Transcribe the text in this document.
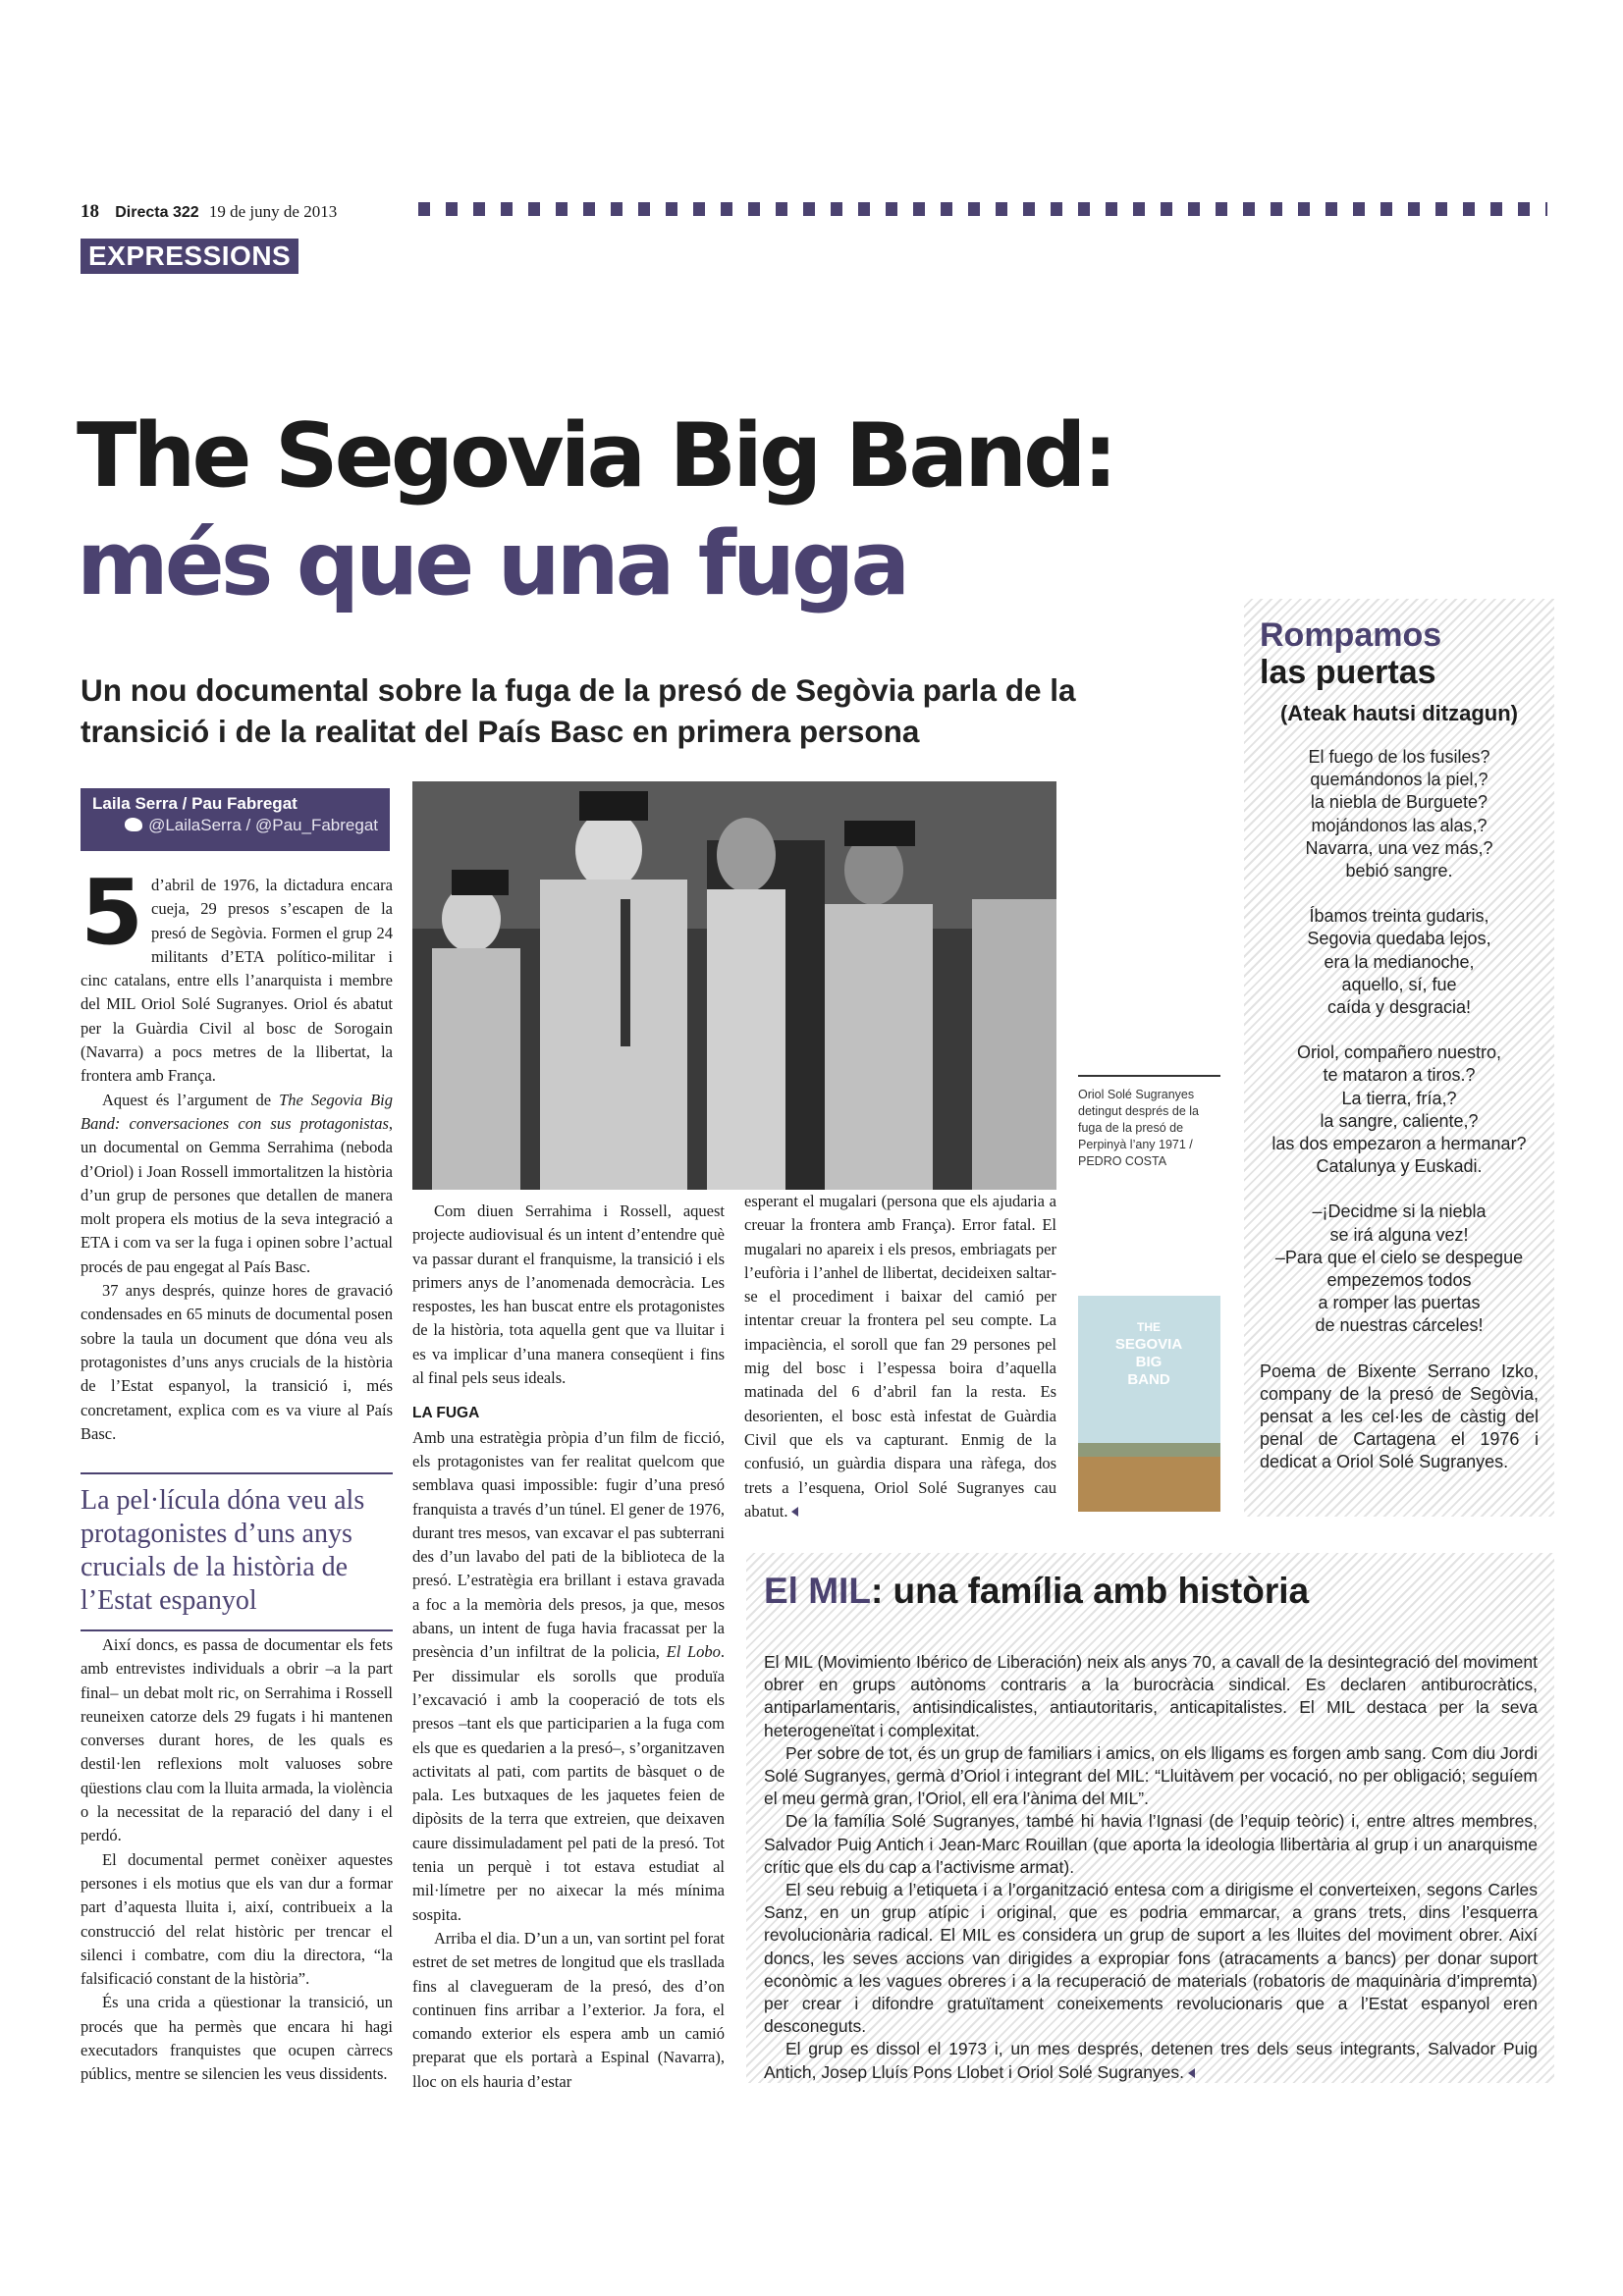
18 Directa 322 19 de juny de 2013
EXPRESSIONS
The Segovia Big Band:
més que una fuga
Un nou documental sobre la fuga de la presó de Segòvia parla de la transició i de la realitat del País Basc en primera persona
Laila Serra / Pau Fabregat
@LailaSerra / @Pau_Fabregat

5 d’abril de 1976, la dictadura encara cueja, 29 presos s’escapen de la presó de Segòvia. Formen el grup 24 militants d’ETA político-militar i cinc catalans, entre ells l’anarquista i membre del MIL Oriol Solé Sugranyes. Oriol és abatut per la Guàrdia Civil al bosc de Sorogain (Navarra) a pocs metres de la llibertat, la frontera amb França.

Aquest és l’argument de The Segovia Big Band: conversaciones con sus protagonistas, un documental on Gemma Serrahima (neboda d’Oriol) i Joan Rossell immortalitzen la història d’un grup de persones que detallen de manera molt propera els motius de la seva integració a ETA i com va ser la fuga i opinen sobre l’actual procés de pau engegat al País Basc.

37 anys després, quinze hores de gravació condensades en 65 minuts de documental posen sobre la taula un document que dóna veu als protagonistes d’uns anys crucials de la història de l’Estat espanyol, la transició i, més concretament, explica com es va viure al País Basc.

La pel·lícula dóna veu als protagonistes d’uns anys crucials de la història de l’Estat espanyol

Així doncs, es passa de documentar els fets amb entrevistes individuals a obrir –a la part final– un debat molt ric, on Serrahima i Rossell reuneixen catorze dels 29 fugats i hi mantenen converses durant hores, de les quals es destil·len reflexions molt valuoses sobre qüestions clau com la lluita armada, la violència o la necessitat de la reparació del dany i el perdó.

El documental permet conèixer aquestes persones i els motius que els van dur a formar part d’aquesta lluita i, així, contribueix a la construcció del relat històric per trencar el silenci i combatre, com diu la directora, “la falsificació constant de la història”.

És una crida a qüestionar la transició, un procés que ha permès que encara hi hagi executadors franquistes que ocupen càrrecs públics, mentre se silencien les veus dissidents.

Oriol Solé Sugranyes detingut després de la fuga de la presó de Perpinyà l’any 1971 / PEDRO COSTA

Com diuen Serrahima i Rossell, aquest projecte audiovisual és un intent d’entendre què va passar durant el franquisme, la transició i els primers anys de l’anomenada democràcia. Les respostes, les han buscat entre els protagonistes de la història, tota aquella gent que va lluitar i es va implicar d’una manera conseqüent i fins al final pels seus ideals.

LA FUGA

Amb una estratègia pròpia d’un film de ficció, els protagonistes van fer realitat quelcom que semblava quasi impossible: fugir d’una presó franquista a través d’un túnel. El gener de 1976, durant tres mesos, van excavar el pas subterrani des d’un lavabo del pati de la biblioteca de la presó. L’estratègia era brillant i estava gravada a foc a la memòria dels presos, ja que, mesos abans, un intent de fuga havia fracassat per la presència d’un infiltrat de la policia, El Lobo. Per dissimular els sorolls que produïa l’excavació i amb la cooperació de tots els presos –tant els que participarien a la fuga com els que es quedarien a la presó–, s’organitzaven activitats al pati, com partits de bàsquet o de pala. Les butxaques de les jaquetes feien de dipòsits de la terra que extreien, que deixaven caure dissimuladament pel pati de la presó. Tot tenia un perquè i tot estava estudiat al mil·límetre per no aixecar la més mínima sospita.

Arriba el dia. D’un a un, van sortint pel forat estret de set metres de longitud que els traslladа fins al clavegueram de la presó, des d’on continuen fins arribar a l’exterior. Ja fora, el comando exterior els espera amb un camió preparat que els portarà a Espinal (Navarra), lloc on els hauria d’estar

esperant el mugalari (persona que els ajudaria a creuar la frontera amb França). Error fatal. El mugalari no apareix i els presos, embriagats per l’eufòria i l’anhel de llibertat, decideixen saltar-se el procediment i baixar del camió per intentar creuar la frontera pel seu compte. La impaciència, el soroll que fan 29 persones pel mig del bosc i l’espessa boira d’aquella matinada del 6 d’abril fan la resta. Es desorienten, el bosc està infestat de Guàrdia Civil que els va capturant. Enmig de la confusió, un guàrdia dispara una ràfega, dos trets a l’esquena, Oriol Solé Sugranyes cau abatut.

THE
SEGOVIA
BIG
BAND
Rompamos
las puertas
(Ateak hautsi ditzagun)
El fuego de los fusiles?
quemándonos la piel,?
la niebla de Burguete?
mojándonos las alas,?
Navarra, una vez más,?
bebió sangre.
Íbamos treinta gudaris,
Segovia quedaba lejos,
era la medianoche,
aquello, sí, fue
caída y desgracia!
Oriol, compañero nuestro,
te mataron a tiros.?
La tierra, fría,?
la sangre, caliente,?
las dos empezaron a hermanar?
Catalunya y Euskadi.
–¡Decidme si la niebla
se irá alguna vez!
–Para que el cielo se despegue
empezemos todos
a romper las puertas
de nuestras cárceles!
Poema de Bixente Serrano Izko, company de la presó de Segòvia, pensat a les cel·les de càstig del penal de Cartagena el 1976 i dedicat a Oriol Solé Sugranyes.
El MIL: una família amb història

El MIL (Movimiento Ibérico de Liberación) neix als anys 70, a cavall de la desintegració del moviment obrer en grups autònoms contraris a la burocràcia sindical. Es declaren antiburocràtics, antiparlamentaris, antisindicalistes, antiautoritaris, anticapitalistes. El MIL destaca per la seva heterogeneïtat i complexitat.

Per sobre de tot, és un grup de familiars i amics, on els lligams es forgen amb sang. Com diu Jordi Solé Sugranyes, germà d’Oriol i integrant del MIL: “Lluitàvem per vocació, no per obligació; seguíem el meu germà gran, l’Oriol, ell era l’ànima del MIL”.

De la família Solé Sugranyes, també hi havia l’Ignasi (de l’equip teòric) i, entre altres membres, Salvador Puig Antich i Jean-Marc Rouillan (que aporta la ideologia llibertària al grup i un anarquisme crític que els du cap a l’activisme armat).

El seu rebuig a l’etiqueta i a l’organització entesa com a dirigisme el converteixen, segons Carles Sanz, en un grup atípic i original, que es podria emmarcar, a grans trets, dins l’esquerra revolucionària radical. El MIL es considera un grup de suport a les lluites del moviment obrer. Així doncs, les seves accions van dirigides a expropiar fons (atracaments a bancs) per donar suport econòmic a les vagues obreres i a la recuperació de materials (robatoris de maquinària d’impremta) per crear i difondre gratuïtament coneixements revolucionaris que a l’Estat espanyol eren desconeguts.

El grup es dissol el 1973 i, un mes després, detenen tres dels seus integrants, Salvador Puig Antich, Josep Lluís Pons Llobet i Oriol Solé Sugranyes.
